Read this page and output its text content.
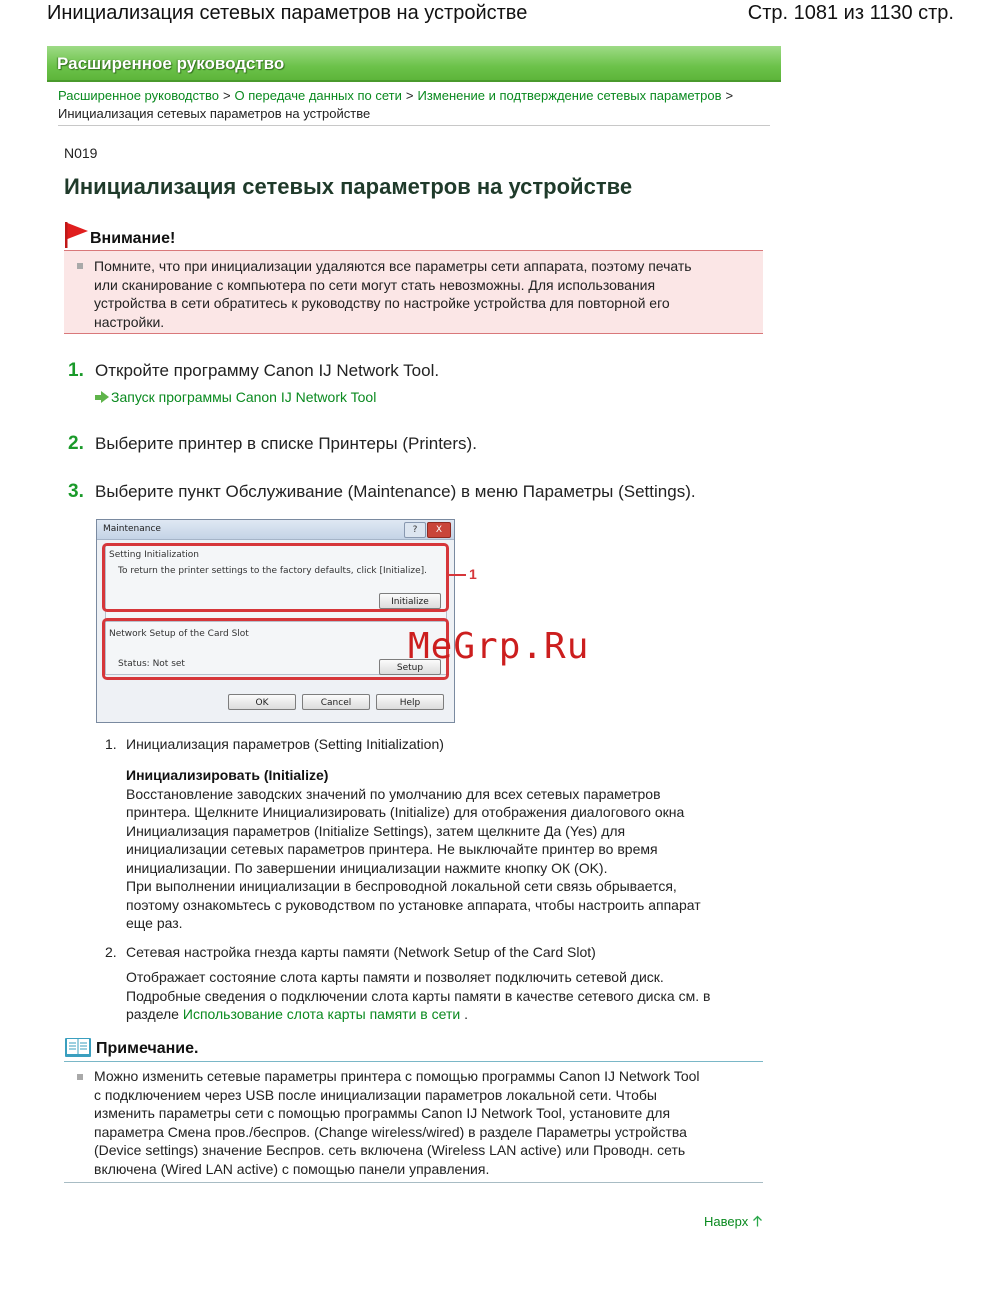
Инициализация сетевых параметров на устройстве	Стр. 1081 из 1130 стр.
Расширенное руководство
Расширенное руководство > О передаче данных по сети > Изменение и подтверждение сетевых параметров >
Инициализация сетевых параметров на устройстве
N019
Инициализация сетевых параметров на устройстве
Внимание!
Помните, что при инициализации удаляются все параметры сети аппарата, поэтому печать
или сканирование с компьютера по сети могут стать невозможны. Для использования
устройства в сети обратитесь к руководству по настройке устройства для повторной его
настройки.
1. Откройте программу Canon IJ Network Tool.
Запуск программы Canon IJ Network Tool
2. Выберите принтер в списке Принтеры (Printers).
3. Выберите пункт Обслуживание (Maintenance) в меню Параметры (Settings).
Maintenance	?	X
Setting Initialization
To return the printer settings to the factory defaults, click [Initialize].
Initialize
Network Setup of the Card Slot
Status: Not set	Setup
OK	Cancel	Help
1
MeGrp.Ru
1. Инициализация параметров (Setting Initialization)
Инициализировать (Initialize)
Восстановление заводских значений по умолчанию для всех сетевых параметров
принтера. Щелкните Инициализировать (Initialize) для отображения диалогового окна
Инициализация параметров (Initialize Settings), затем щелкните Да (Yes) для
инициализации сетевых параметров принтера. Не выключайте принтер во время
инициализации. По завершении инициализации нажмите кнопку ОК (OK).
При выполнении инициализации в беспроводной локальной сети связь обрывается,
поэтому ознакомьтесь с руководством по установке аппарата, чтобы настроить аппарат
еще раз.
2. Сетевая настройка гнезда карты памяти (Network Setup of the Card Slot)
Отображает состояние слота карты памяти и позволяет подключить сетевой диск.
Подробные сведения о подключении слота карты памяти в качестве сетевого диска см. в
разделе Использование слота карты памяти в сети .
Примечание.
Можно изменить сетевые параметры принтера с помощью программы Canon IJ Network Tool
с подключением через USB после инициализации параметров локальной сети. Чтобы
изменить параметры сети с помощью программы Canon IJ Network Tool, установите для
параметра Смена пров./беспров. (Change wireless/wired) в разделе Параметры устройства
(Device settings) значение Беспров. сеть включена (Wireless LAN active) или Проводн. сеть
включена (Wired LAN active) с помощью панели управления.
Наверх
